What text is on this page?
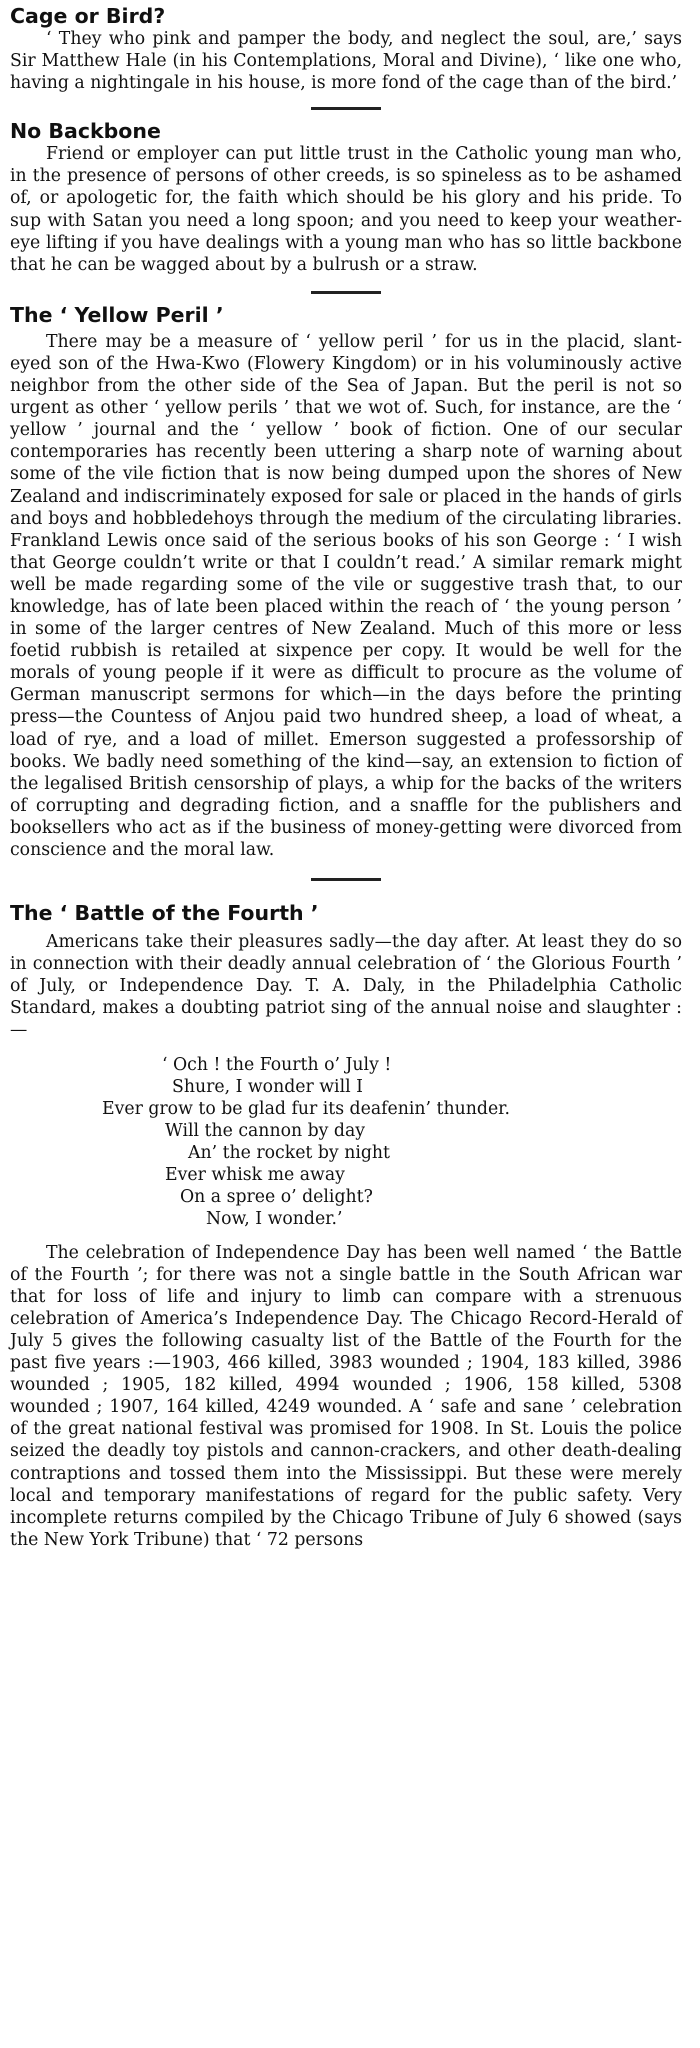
Cage or Bird?

‘ They who pink and pamper the body, and neglect the soul, are,’ says Sir Matthew Hale (in his Contemplations, Moral and Divine), ‘ like one who, having a nightingale in his house, is more fond of the cage than of the bird.’

No Backbone

Friend or employer can put little trust in the Catholic young man who, in the presence of persons of other creeds, is so spineless as to be ashamed of, or apologetic for, the faith which should be his glory and his pride. To sup with Satan you need a long spoon; and you need to keep your weather-eye lifting if you have dealings with a young man who has so little backbone that he can be wagged about by a bulrush or a straw.

The ‘ Yellow Peril ’

There may be a measure of ‘ yellow peril ’ for us in the placid, slant-eyed son of the Hwa-Kwo (Flowery Kingdom) or in his voluminously active neighbor from the other side of the Sea of Japan. But the peril is not so urgent as other ‘ yellow perils ’ that we wot of. Such, for instance, are the ‘ yellow ’ journal and the ‘ yellow ’ book of fiction. One of our secular contemporaries has recently been uttering a sharp note of warning about some of the vile fiction that is now being dumped upon the shores of New Zealand and indiscriminately exposed for sale or placed in the hands of girls and boys and hobbledehoys through the medium of the circulating libraries. Frankland Lewis once said of the serious books of his son George : ‘ I wish that George couldn’t write or that I couldn’t read.’ A similar remark might well be made regarding some of the vile or suggestive trash that, to our knowledge, has of late been placed within the reach of ‘ the young person ’ in some of the larger centres of New Zealand. Much of this more or less foetid rubbish is retailed at sixpence per copy. It would be well for the morals of young people if it were as difficult to procure as the volume of German manuscript sermons for which—in the days before the printing press—the Countess of Anjou paid two hundred sheep, a load of wheat, a load of rye, and a load of millet. Emerson suggested a professorship of books. We badly need something of the kind—say, an extension to fiction of the legalised British censorship of plays, a whip for the backs of the writers of corrupting and degrading fiction, and a snaffle for the publishers and booksellers who act as if the business of money-getting were divorced from conscience and the moral law.

The ‘ Battle of the Fourth ’

Americans take their pleasures sadly—the day after. At least they do so in connection with their deadly annual celebration of ‘ the Glorious Fourth ’ of July, or Independence Day. T. A. Daly, in the Philadelphia Catholic Standard, makes a doubting patriot sing of the annual noise and slaughter :—

‘ Och ! the Fourth o’ July !
Shure, I wonder will I
Ever grow to be glad fur its deafenin’ thunder.
Will the cannon by day
An’ the rocket by night
Ever whisk me away
On a spree o’ delight?
Now, I wonder.’

The celebration of Independence Day has been well named ‘ the Battle of the Fourth ’; for there was not a single battle in the South African war that for loss of life and injury to limb can compare with a strenuous celebration of America’s Independence Day. The Chicago Record-Herald of July 5 gives the following casualty list of the Battle of the Fourth for the past five years :—1903, 466 killed, 3983 wounded ; 1904, 183 killed, 3986 wounded ; 1905, 182 killed, 4994 wounded ; 1906, 158 killed, 5308 wounded ; 1907, 164 killed, 4249 wounded. A ‘ safe and sane ’ celebration of the great national festival was promised for 1908. In St. Louis the police seized the deadly toy pistols and cannon-crackers, and other death-dealing contraptions and tossed them into the Mississippi. But these were merely local and temporary manifestations of regard for the public safety. Very incomplete returns compiled by the Chicago Tribune of July 6 showed (says the New York Tribune) that ‘ 72 persons
